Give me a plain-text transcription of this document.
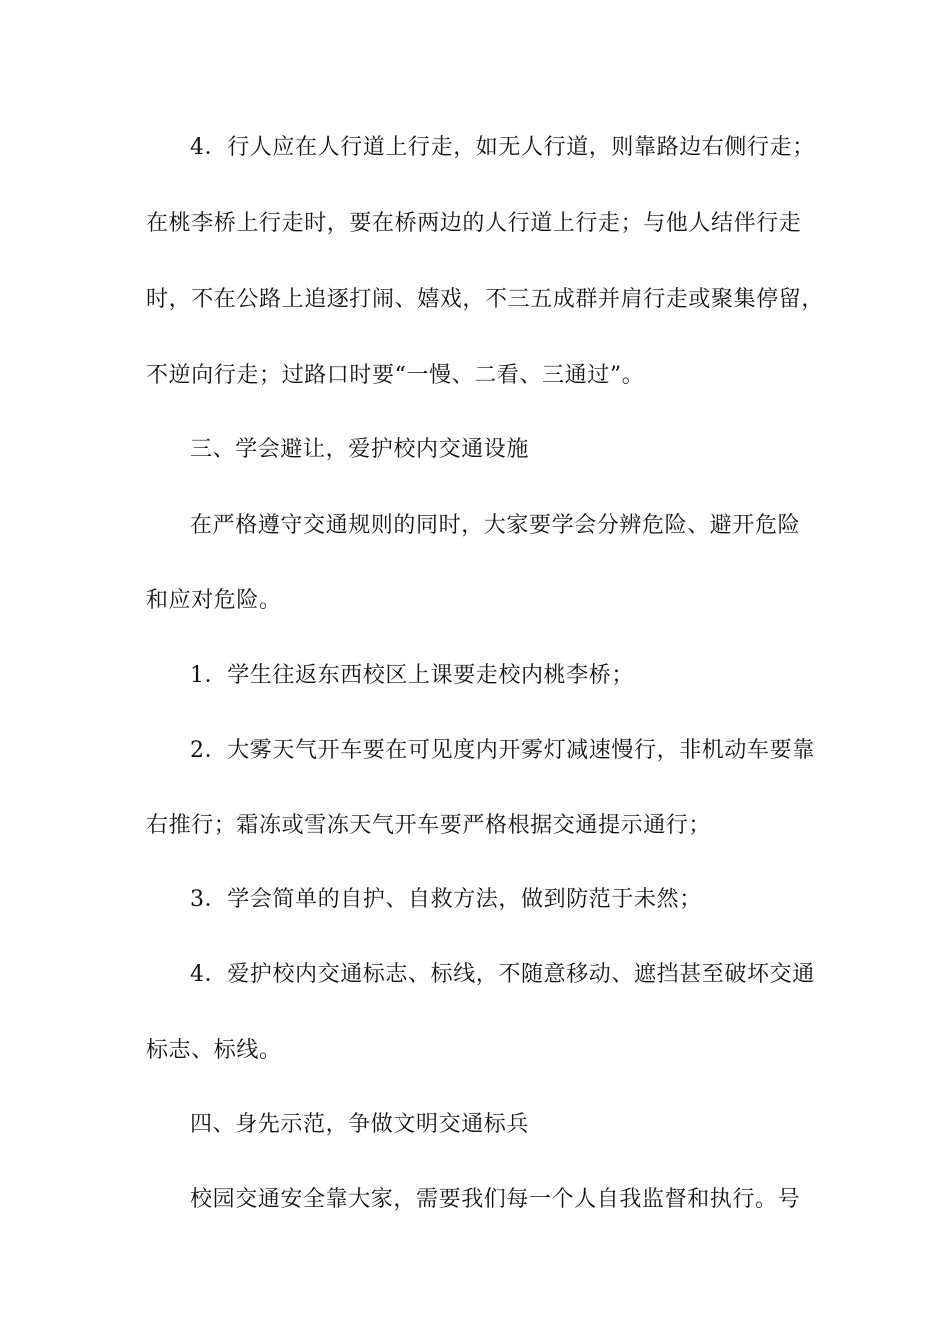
4．行人应在人行道上行走，如无人行道，则靠路边右侧行走；
在桃李桥上行走时，要在桥两边的人行道上行走；与他人结伴行走
时，不在公路上追逐打闹、嬉戏，不三五成群并肩行走或聚集停留，
不逆向行走；过路口时要“一慢、二看、三通过”。
三、学会避让，爱护校内交通设施
在严格遵守交通规则的同时，大家要学会分辨危险、避开危险
和应对危险。
1．学生往返东西校区上课要走校内桃李桥；
2．大雾天气开车要在可见度内开雾灯减速慢行，非机动车要靠
右推行；霜冻或雪冻天气开车要严格根据交通提示通行；
3．学会简单的自护、自救方法，做到防范于未然；
4．爱护校内交通标志、标线，不随意移动、遮挡甚至破坏交通
标志、标线。
四、身先示范，争做文明交通标兵
校园交通安全靠大家，需要我们每一个人自我监督和执行。号
